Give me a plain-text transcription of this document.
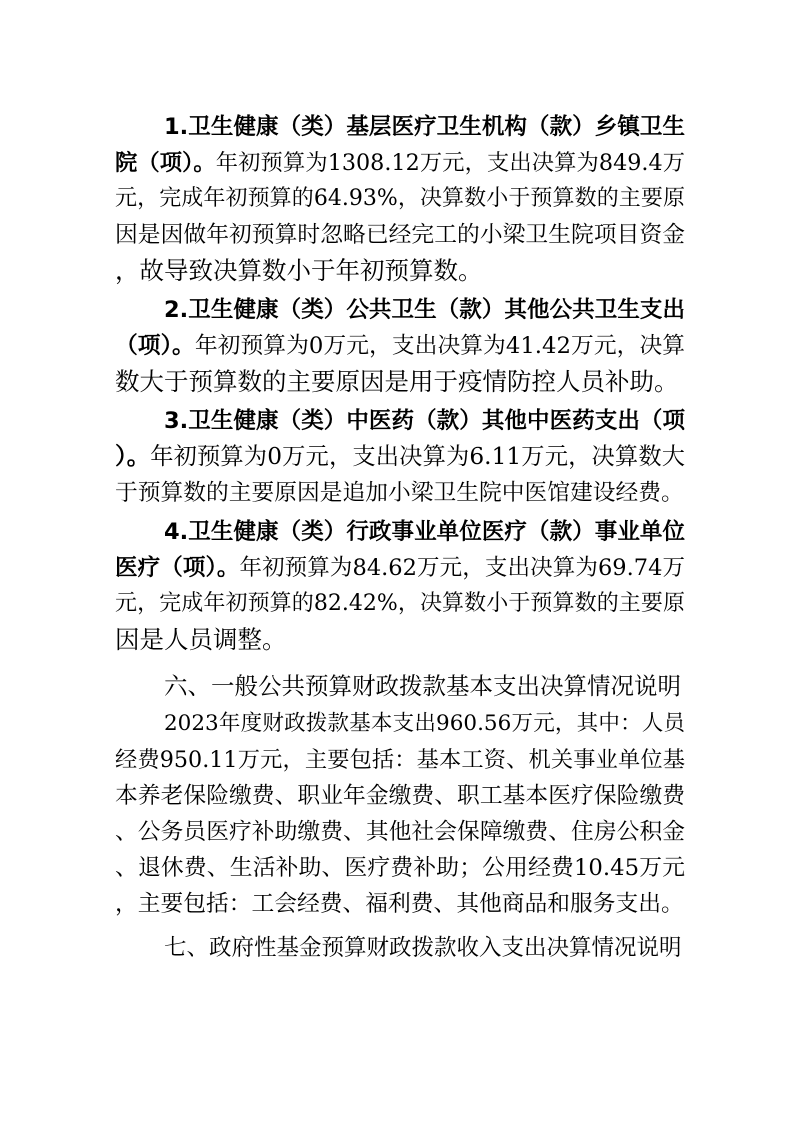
1.卫生健康（类）基层医疗卫生机构（款）乡镇卫生
院（项）。年初预算为1308.12万元，支出决算为849.4万
元，完成年初预算的64.93%，决算数小于预算数的主要原
因是因做年初预算时忽略已经完工的小梁卫生院项目资金
，故导致决算数小于年初预算数。
2.卫生健康（类）公共卫生（款）其他公共卫生支出
（项）。年初预算为0万元，支出决算为41.42万元，决算
数大于预算数的主要原因是用于疫情防控人员补助。
3.卫生健康（类）中医药（款）其他中医药支出（项
）。年初预算为0万元，支出决算为6.11万元，决算数大
于预算数的主要原因是追加小梁卫生院中医馆建设经费。
4.卫生健康（类）行政事业单位医疗（款）事业单位
医疗（项）。年初预算为84.62万元，支出决算为69.74万
元，完成年初预算的82.42%，决算数小于预算数的主要原
因是人员调整。
六、一般公共预算财政拨款基本支出决算情况说明
2023年度财政拨款基本支出960.56万元，其中：人员
经费950.11万元，主要包括：基本工资、机关事业单位基
本养老保险缴费、职业年金缴费、职工基本医疗保险缴费
、公务员医疗补助缴费、其他社会保障缴费、住房公积金
、退休费、生活补助、医疗费补助；公用经费10.45万元
，主要包括：工会经费、福利费、其他商品和服务支出。
七、政府性基金预算财政拨款收入支出决算情况说明
